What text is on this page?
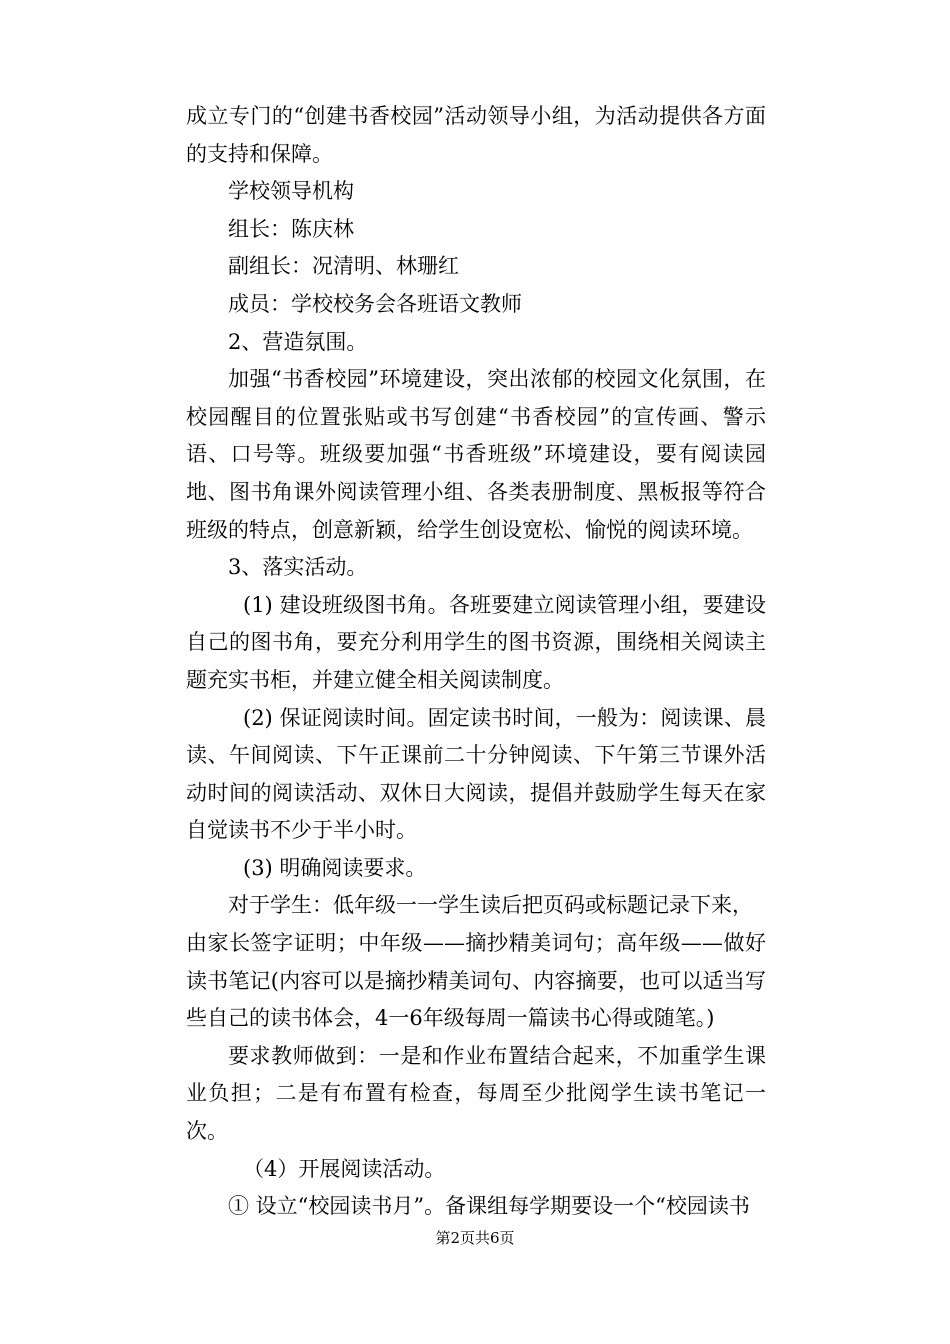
成立专门的“创建书香校园”活动领导小组，为活动提供各方面的支持和保障。

学校领导机构

组长：陈庆林

副组长：况清明、林珊红

成员：学校校务会各班语文教师

2、营造氛围。

加强“书香校园”环境建设，突出浓郁的校园文化氛围，在校园醒目的位置张贴或书写创建“书香校园”的宣传画、警示语、口号等。班级要加强“书香班级”环境建设，要有阅读园地、图书角课外阅读管理小组、各类表册制度、黑板报等符合班级的特点，创意新颖，给学生创设宽松、愉悦的阅读环境。

3、落实活动。

(1) 建设班级图书角。各班要建立阅读管理小组，要建设自己的图书角，要充分利用学生的图书资源，围绕相关阅读主题充实书柜，并建立健全相关阅读制度。

(2) 保证阅读时间。固定读书时间，一般为：阅读课、晨读、午间阅读、下午正课前二十分钟阅读、下午第三节课外活动时间的阅读活动、双休日大阅读，提倡并鼓励学生每天在家自觉读书不少于半小时。

(3) 明确阅读要求。

对于学生：低年级一一学生读后把页码或标题记录下来，

由家长签字证明；中年级——摘抄精美词句；高年级——做好读书笔记(内容可以是摘抄精美词句、内容摘要，也可以适当写些自己的读书体会，4一6年级每周一篇读书心得或随笔。)

要求教师做到：一是和作业布置结合起来，不加重学生课业负担；二是有布置有检查，每周至少批阅学生读书笔记一次。

（4）开展阅读活动。

① 设立“校园读书月”。备课组每学期要设一个“校园读书

第2页共6页
